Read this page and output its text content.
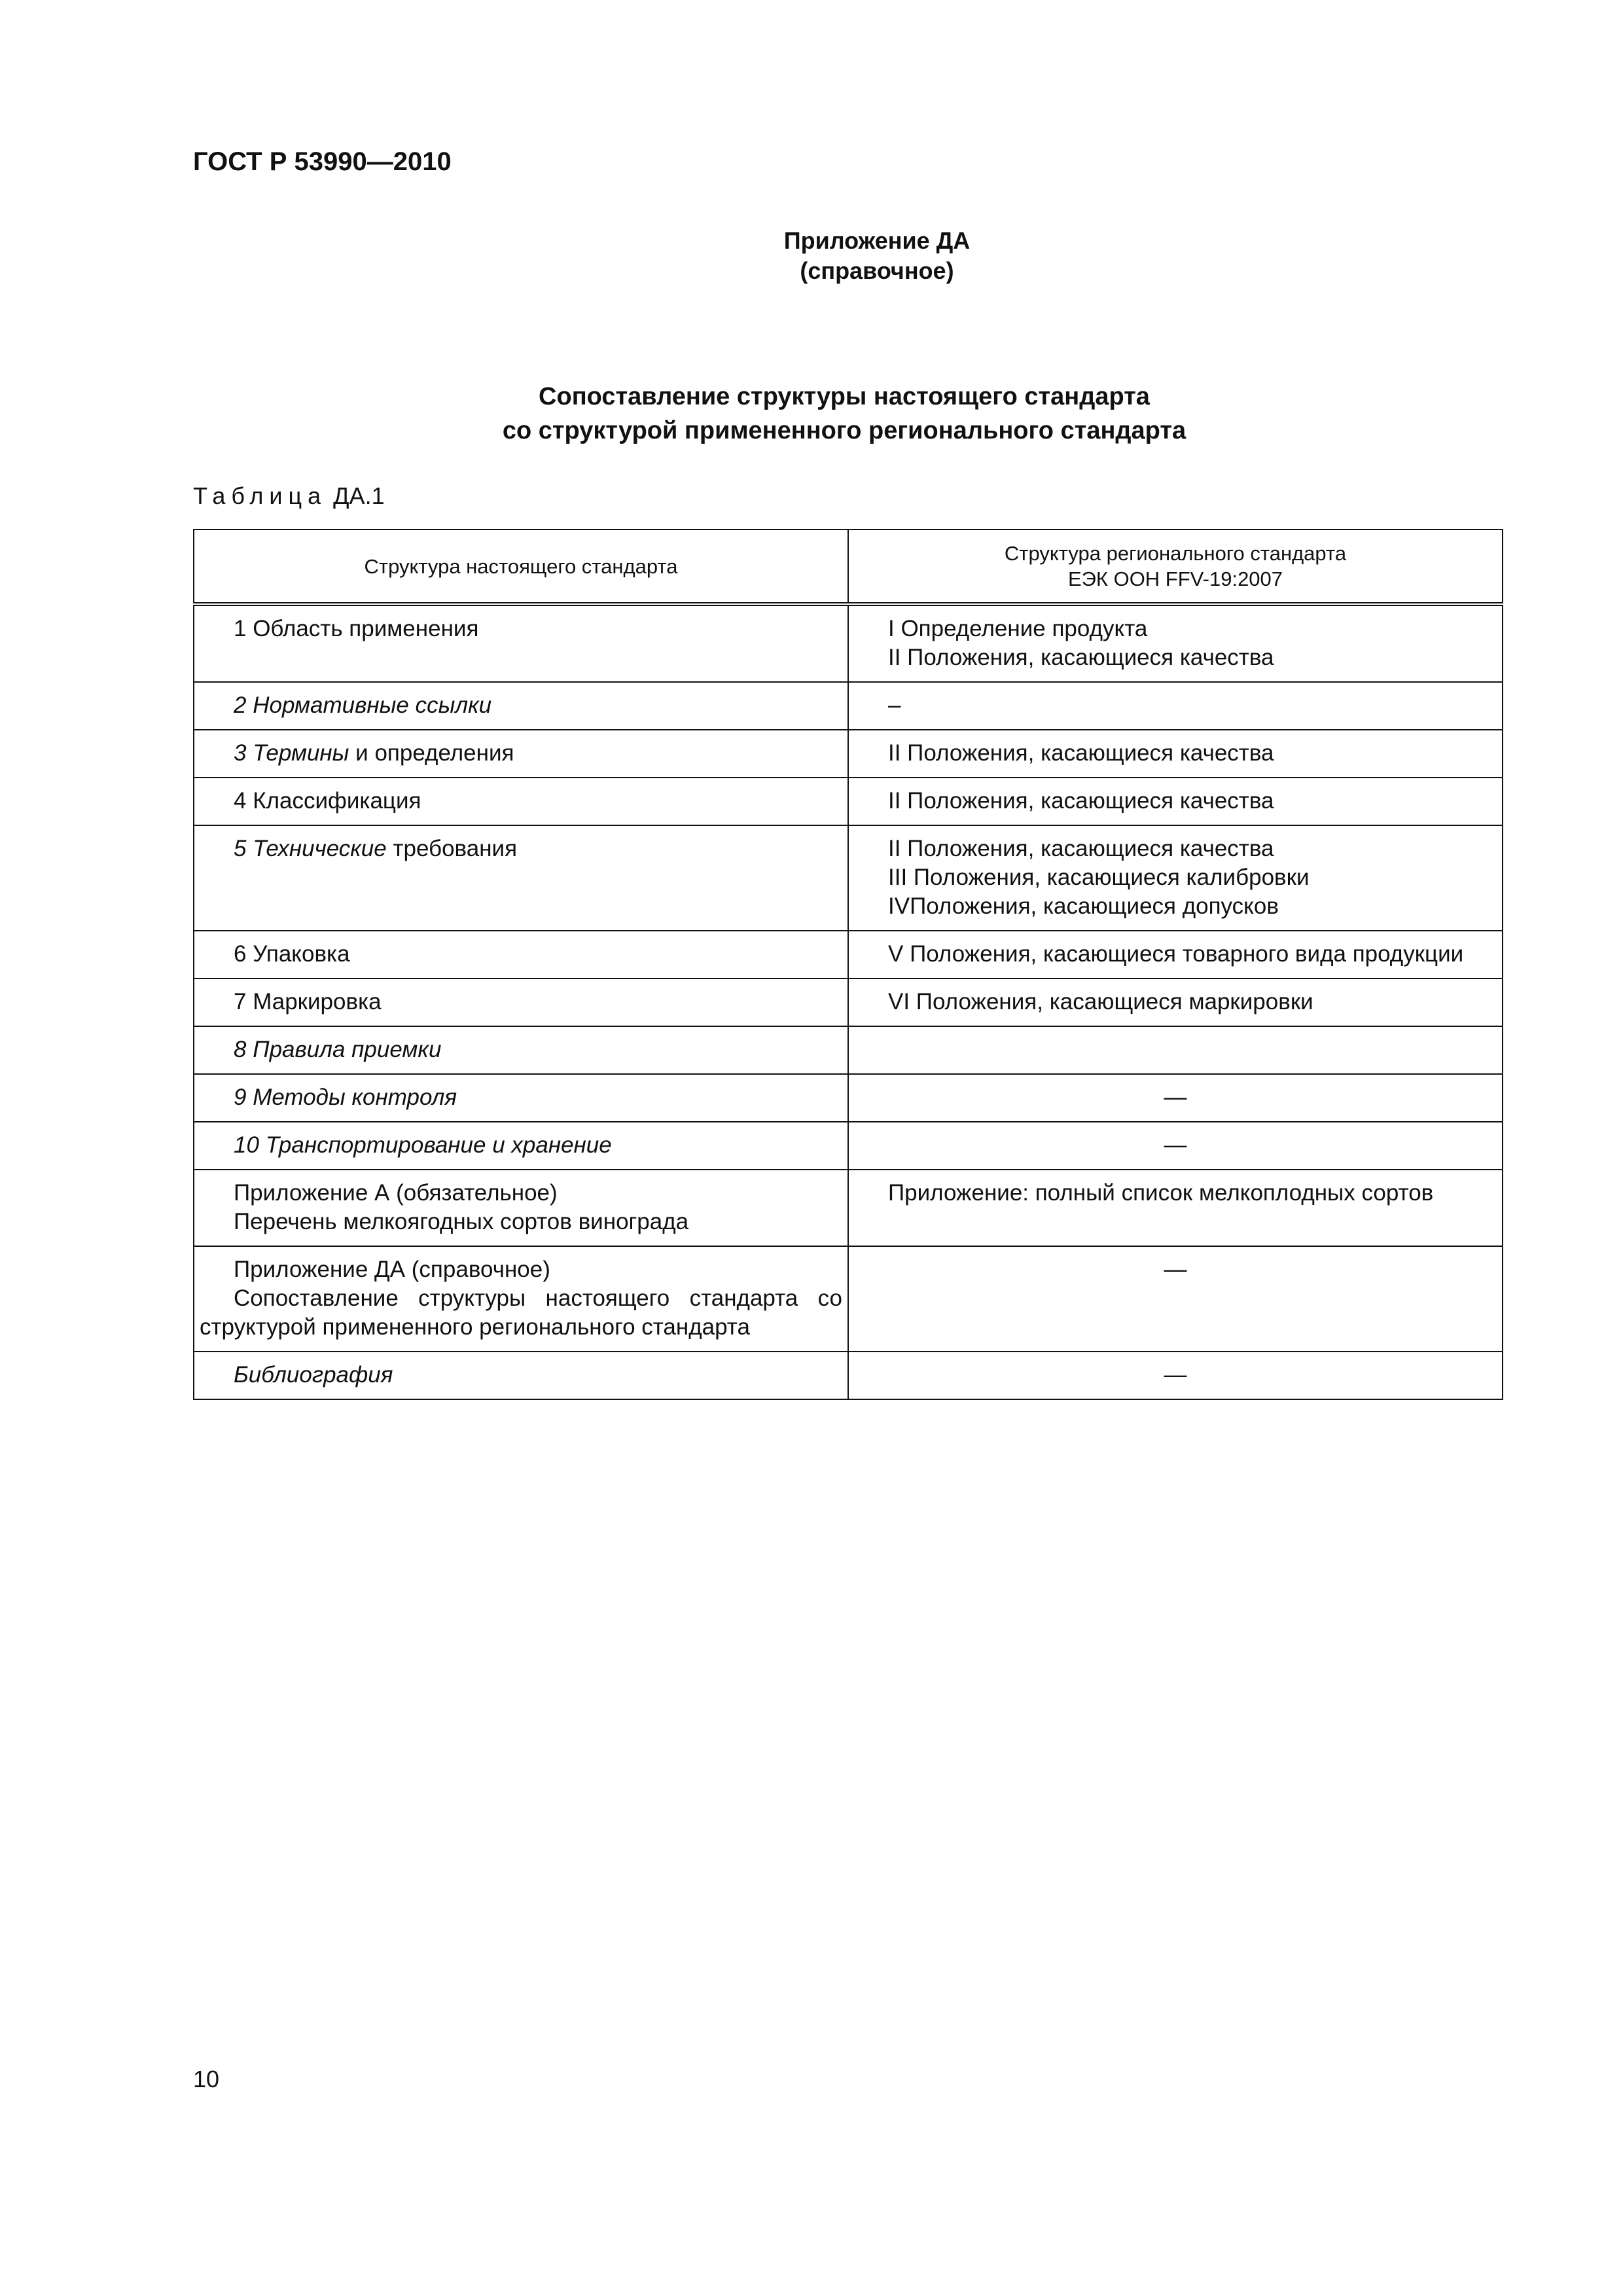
ГОСТ Р 53990—2010
Приложение ДА
(справочное)
Сопоставление структуры настоящего стандарта
со структурой примененного регионального стандарта
Таблица ДА.1
Структура настоящего стандарта	Структура регионального стандарта
ЕЭК ООН FFV-19:2007

1 Область применения	I Определение продукта
II Положения, касающиеся качества

2 Нормативные ссылки	–

3 Термины и определения	II Положения, касающиеся качества

4 Классификация	II Положения, касающиеся качества

5 Технические требования	II Положения, касающиеся качества
III Положения, касающиеся калибровки
IVПоложения, касающиеся допусков

6 Упаковка	V Положения, касающиеся товарного вида продукции

7 Маркировка	VI Положения, касающиеся маркировки

8 Правила приемки	

9 Методы контроля	—

10 Транспортирование и хранение	—

Приложение А (обязательное)
Перечень мелкоягодных сортов винограда	Приложение: полный список мелкоплодных сортов

Приложение ДА (справочное)
Сопоставление структуры настоящего стандарта со структурой примененного регионального стандарта	—

Библиография	—
10
